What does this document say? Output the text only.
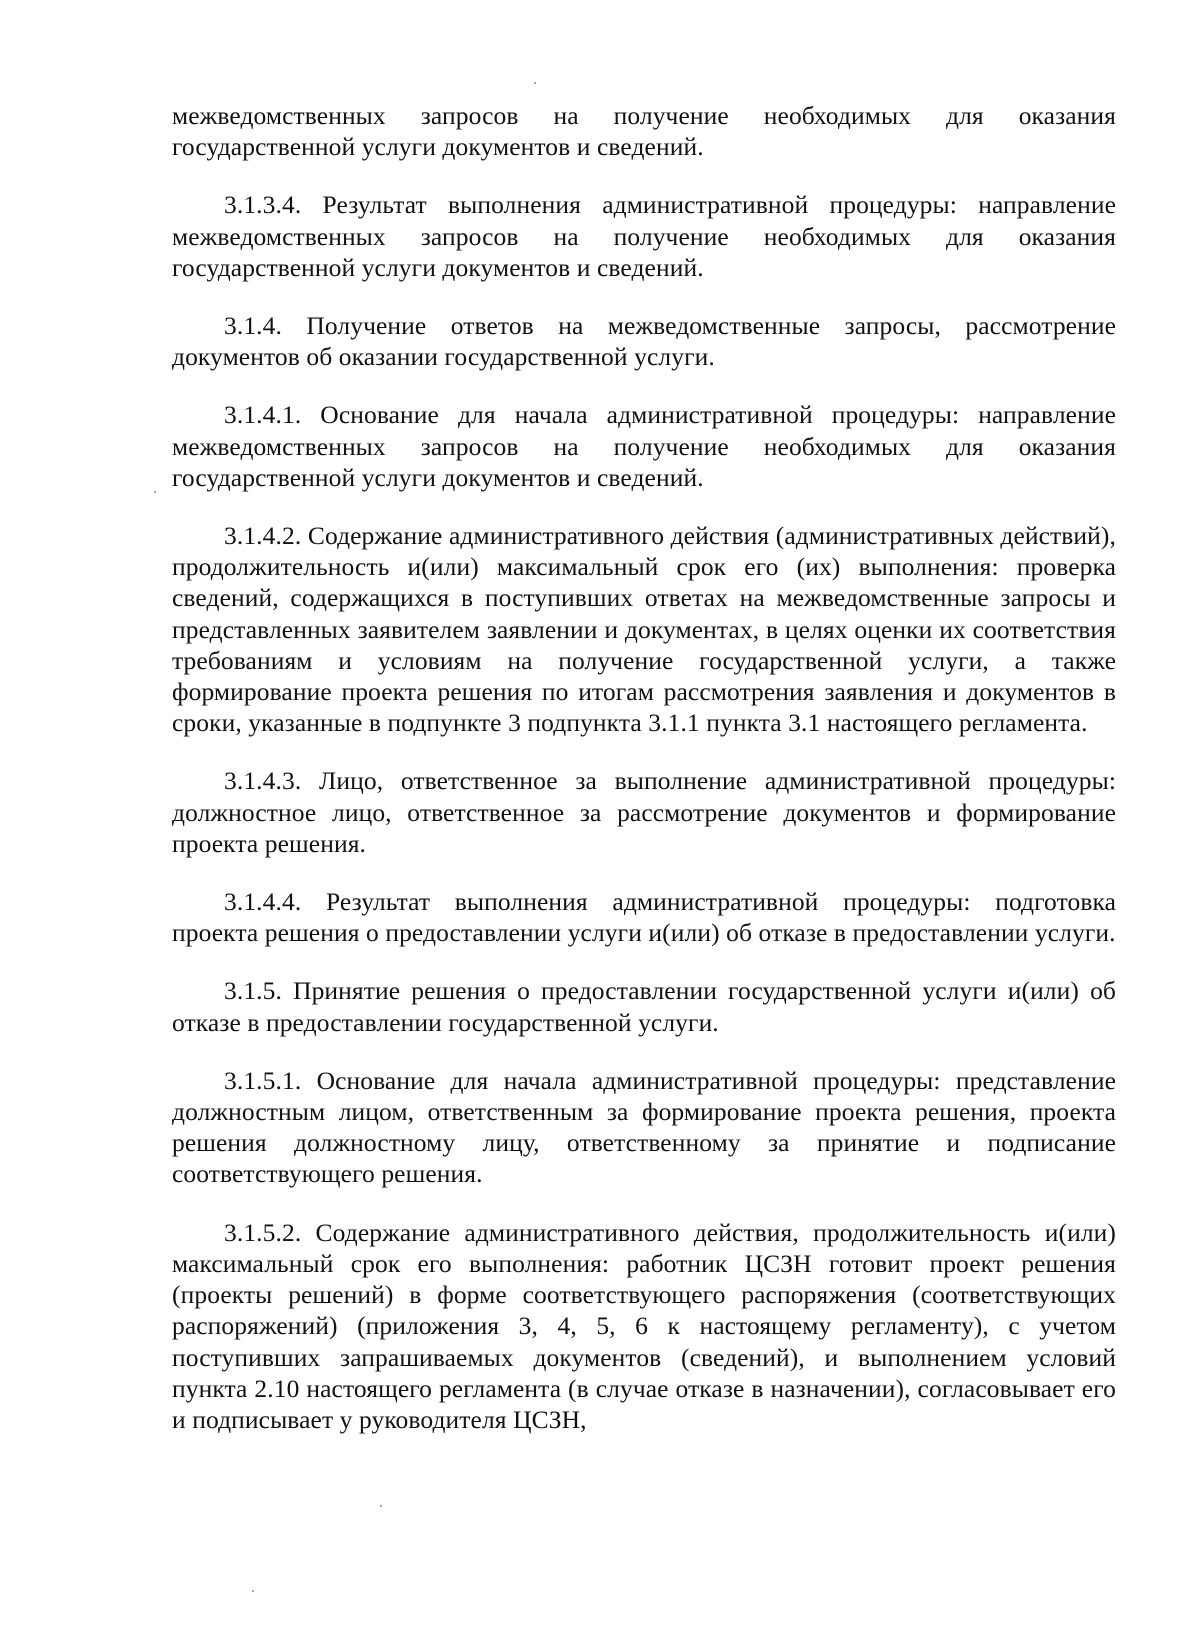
межведомственных запросов на получение необходимых для оказания государственной услуги документов и сведений.

3.1.3.4. Результат выполнения административной процедуры: направление межведомственных запросов на получение необходимых для оказания государственной услуги документов и сведений.

3.1.4. Получение ответов на межведомственные запросы, рассмотрение документов об оказании государственной услуги.

3.1.4.1. Основание для начала административной процедуры: направление межведомственных запросов на получение необходимых для оказания государственной услуги документов и сведений.

3.1.4.2. Содержание административного действия (административных действий), продолжительность и(или) максимальный срок его (их) выполнения: проверка сведений, содержащихся в поступивших ответах на межведомственные запросы и представленных заявителем заявлении и документах, в целях оценки их соответствия требованиям и условиям на получение государственной услуги, а также формирование проекта решения по итогам рассмотрения заявления и документов в сроки, указанные в подпункте 3 подпункта 3.1.1 пункта 3.1 настоящего регламента.

3.1.4.3. Лицо, ответственное за выполнение административной процедуры: должностное лицо, ответственное за рассмотрение документов и формирование проекта решения.

3.1.4.4. Результат выполнения административной процедуры: подготовка проекта решения о предоставлении услуги и(или) об отказе в предоставлении услуги.

3.1.5. Принятие решения о предоставлении государственной услуги и(или) об отказе в предоставлении государственной услуги.

3.1.5.1. Основание для начала административной процедуры: представление должностным лицом, ответственным за формирование проекта решения, проекта решения должностному лицу, ответственному за принятие и подписание соответствующего решения.

3.1.5.2. Содержание административного действия, продолжительность и(или) максимальный срок его выполнения: работник ЦСЗН готовит проект решения (проекты решений) в форме соответствующего распоряжения (соответствующих распоряжений) (приложения 3, 4, 5, 6 к настоящему регламенту), с учетом поступивших запрашиваемых документов (сведений), и выполнением условий пункта 2.10 настоящего регламента (в случае отказе в назначении), согласовывает его и подписывает у руководителя ЦСЗН,
